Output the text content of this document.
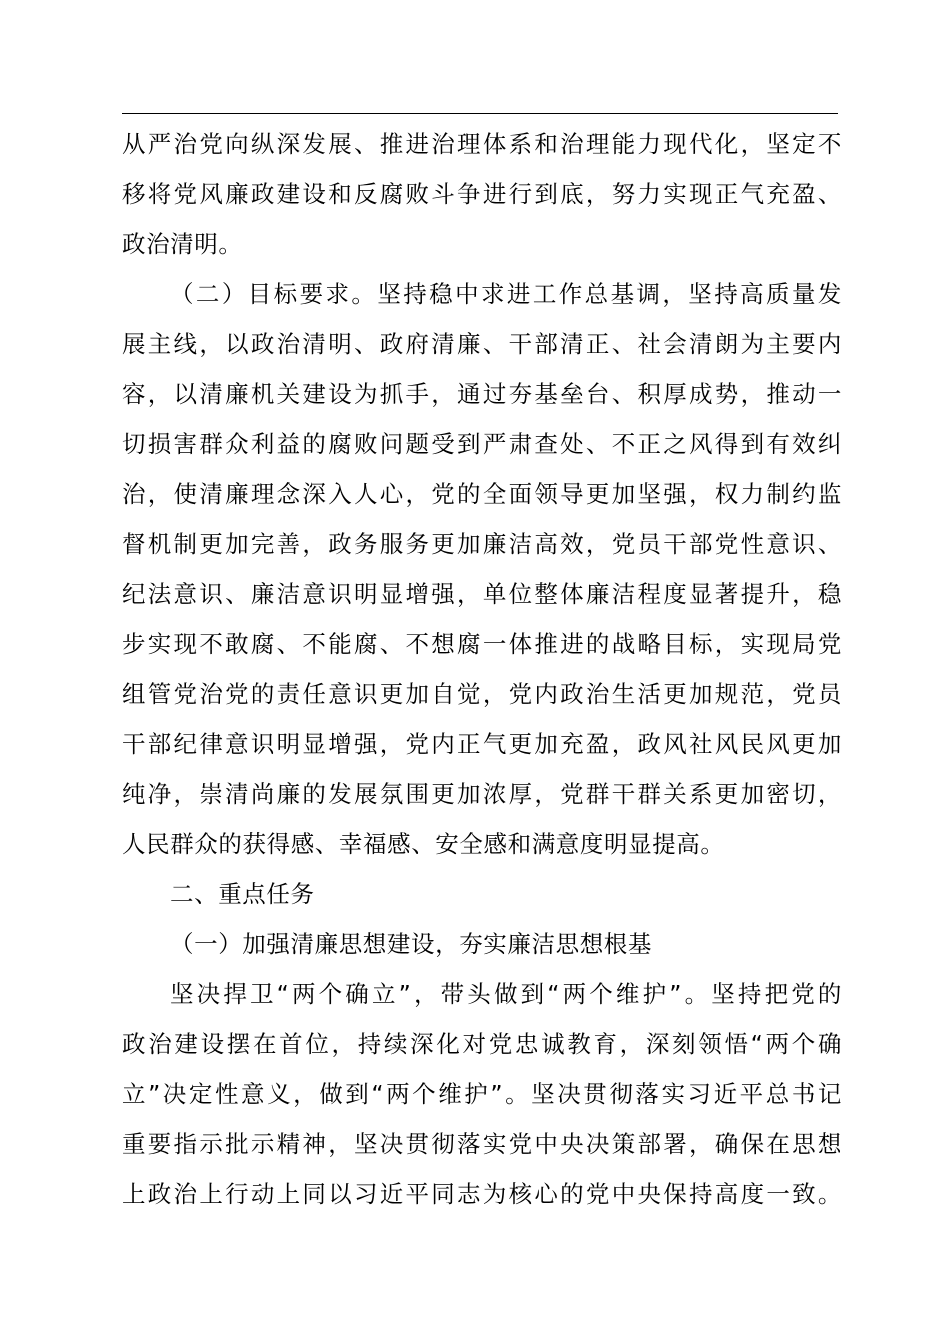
从严治党向纵深发展、推进治理体系和治理能力现代化，坚定不
移将党风廉政建设和反腐败斗争进行到底，努力实现正气充盈、
政治清明。
（二）目标要求。坚持稳中求进工作总基调，坚持高质量发
展主线，以政治清明、政府清廉、干部清正、社会清朗为主要内
容，以清廉机关建设为抓手，通过夯基垒台、积厚成势，推动一
切损害群众利益的腐败问题受到严肃查处、不正之风得到有效纠
治，使清廉理念深入人心，党的全面领导更加坚强，权力制约监
督机制更加完善，政务服务更加廉洁高效，党员干部党性意识、
纪法意识、廉洁意识明显增强，单位整体廉洁程度显著提升，稳
步实现不敢腐、不能腐、不想腐一体推进的战略目标，实现局党
组管党治党的责任意识更加自觉，党内政治生活更加规范，党员
干部纪律意识明显增强，党内正气更加充盈，政风社风民风更加
纯净，崇清尚廉的发展氛围更加浓厚，党群干群关系更加密切，
人民群众的获得感、幸福感、安全感和满意度明显提高。
二、重点任务
（一）加强清廉思想建设，夯实廉洁思想根基
坚决捍卫“两个确立”，带头做到“两个维护”。坚持把党的
政治建设摆在首位，持续深化对党忠诚教育，深刻领悟“两个确
立”决定性意义，做到“两个维护”。坚决贯彻落实习近平总书记
重要指示批示精神，坚决贯彻落实党中央决策部署，确保在思想
上政治上行动上同以习近平同志为核心的党中央保持高度一致。
